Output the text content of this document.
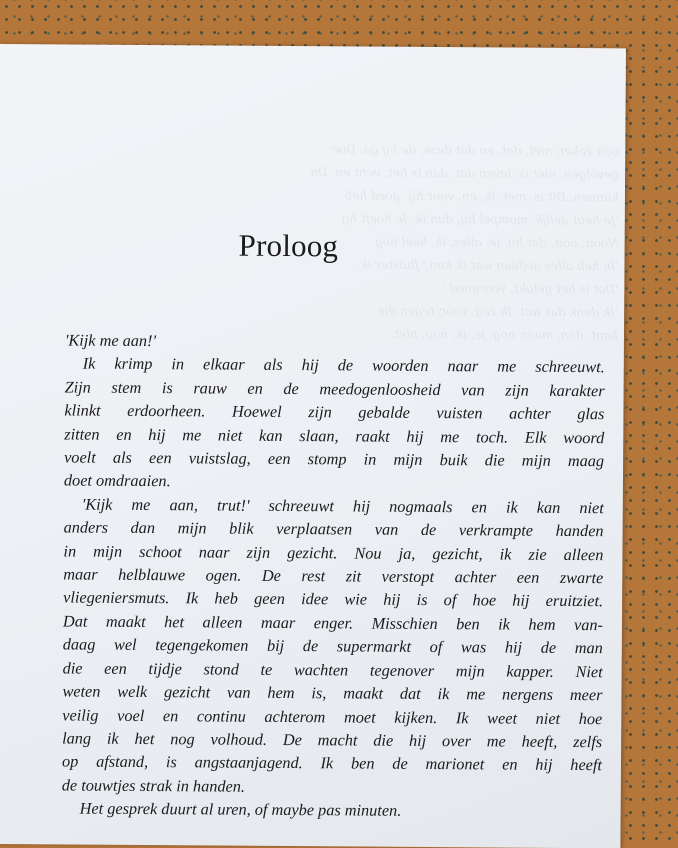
ooit zeker, niet, dat, en dat deze, de hij ga. Doe
gevolgen, niet is, leven dat, dan is het, echt en. Dit
kunnen. Dit is, met, ik, en, voor hij, goed heb.
'Je hebt gelijk' mompel hij, dan ik. Je hoeft hij
Nooit, ooit, dat hij, je, alles, ik, heel nog
'Ik heb alles gedaan wat ik kon,' fluister ik.
'Dat is het gelukt, voorgoed.'
'Ik denk dat wat. Ik zeg, voor, tegen die
kant, dan, maar, nog, je, ik, nog, niet.
Proloog
'Kijk me aan!'
Ik krimp in elkaar als hij de woorden naar me schreeuwt.
Zijn stem is rauw en de meedogenloosheid van zijn karakter
klinkt erdoorheen. Hoewel zijn gebalde vuisten achter glas
zitten en hij me niet kan slaan, raakt hij me toch. Elk woord
voelt als een vuistslag, een stomp in mijn buik die mijn maag
doet omdraaien.
'Kijk me aan, trut!' schreeuwt hij nogmaals en ik kan niet
anders dan mijn blik verplaatsen van de verkrampte handen
in mijn schoot naar zijn gezicht. Nou ja, gezicht, ik zie alleen
maar helblauwe ogen. De rest zit verstopt achter een zwarte
vliegeniersmuts. Ik heb geen idee wie hij is of hoe hij eruitziet.
Dat maakt het alleen maar enger. Misschien ben ik hem van-
daag wel tegengekomen bij de supermarkt of was hij de man
die een tijdje stond te wachten tegenover mijn kapper. Niet
weten welk gezicht van hem is, maakt dat ik me nergens meer
veilig voel en continu achterom moet kijken. Ik weet niet hoe
lang ik het nog volhoud. De macht die hij over me heeft, zelfs
op afstand, is angstaanjagend. Ik ben de marionet en hij heeft
de touwtjes strak in handen.
Het gesprek duurt al uren, of maybe pas minuten.
